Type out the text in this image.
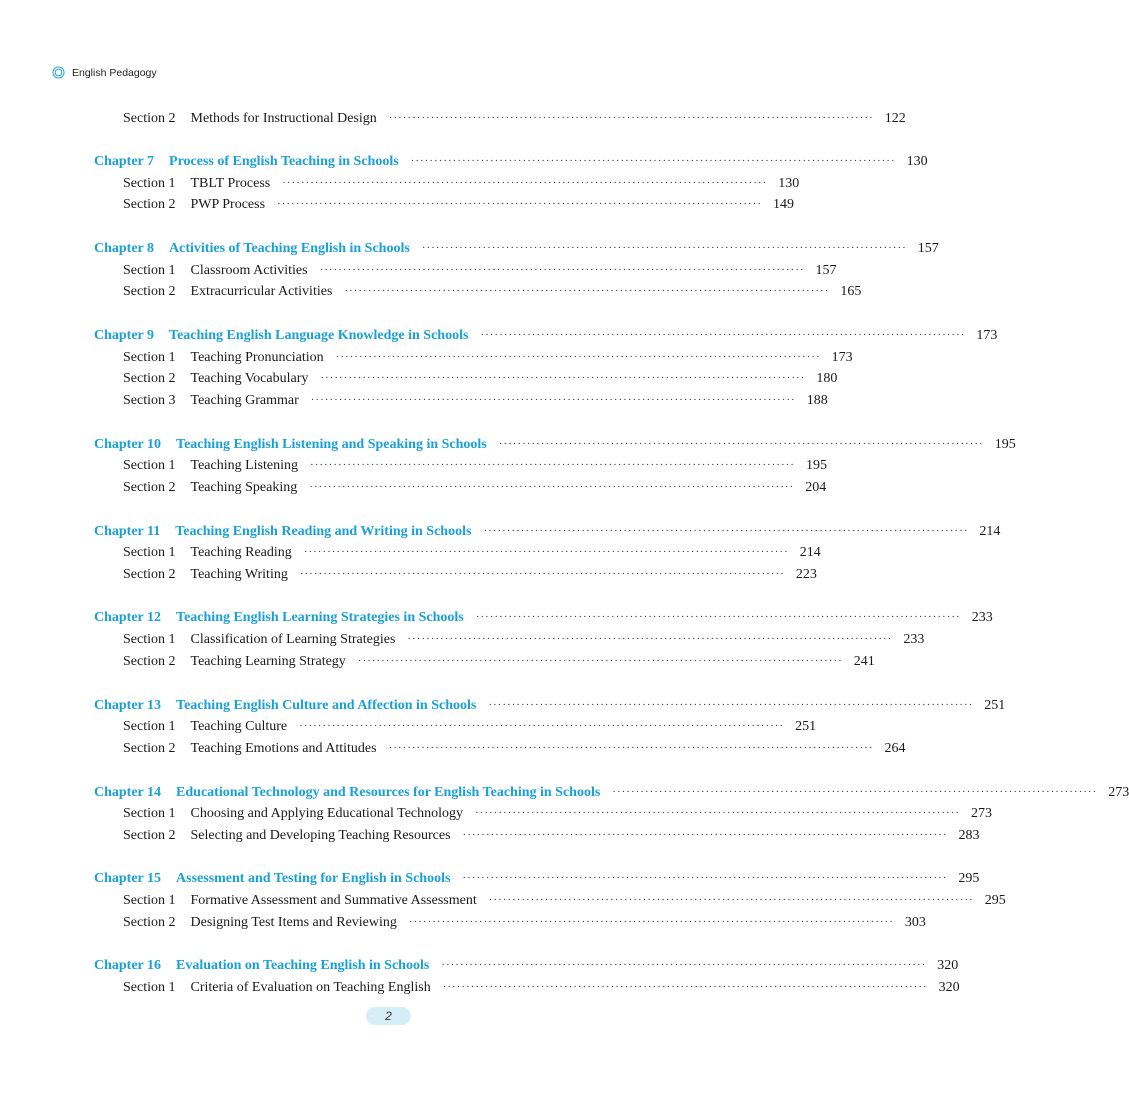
English Pedagogy
Section 2 Methods for Instructional Design ········································································································ 122
Chapter 7 Process of English Teaching in Schools ········································································································ 130
Section 1 TBLT Process ········································································································ 130
Section 2 PWP Process ········································································································ 149
Chapter 8 Activities of Teaching English in Schools ········································································································ 157
Section 1 Classroom Activities ········································································································ 157
Section 2 Extracurricular Activities ········································································································ 165
Chapter 9 Teaching English Language Knowledge in Schools ········································································································ 173
Section 1 Teaching Pronunciation ········································································································ 173
Section 2 Teaching Vocabulary ········································································································ 180
Section 3 Teaching Grammar ········································································································ 188
Chapter 10 Teaching English Listening and Speaking in Schools ········································································································ 195
Section 1 Teaching Listening ········································································································ 195
Section 2 Teaching Speaking ········································································································ 204
Chapter 11 Teaching English Reading and Writing in Schools ········································································································ 214
Section 1 Teaching Reading ········································································································ 214
Section 2 Teaching Writing ········································································································ 223
Chapter 12 Teaching English Learning Strategies in Schools ········································································································ 233
Section 1 Classification of Learning Strategies ········································································································ 233
Section 2 Teaching Learning Strategy ········································································································ 241
Chapter 13 Teaching English Culture and Affection in Schools ········································································································ 251
Section 1 Teaching Culture ········································································································ 251
Section 2 Teaching Emotions and Attitudes ········································································································ 264
Chapter 14 Educational Technology and Resources for English Teaching in Schools ········································································································ 273
Section 1 Choosing and Applying Educational Technology ········································································································ 273
Section 2 Selecting and Developing Teaching Resources ········································································································ 283
Chapter 15 Assessment and Testing for English in Schools ········································································································ 295
Section 1 Formative Assessment and Summative Assessment ········································································································ 295
Section 2 Designing Test Items and Reviewing ········································································································ 303
Chapter 16 Evaluation on Teaching English in Schools ········································································································ 320
Section 1 Criteria of Evaluation on Teaching English ········································································································ 320
2
